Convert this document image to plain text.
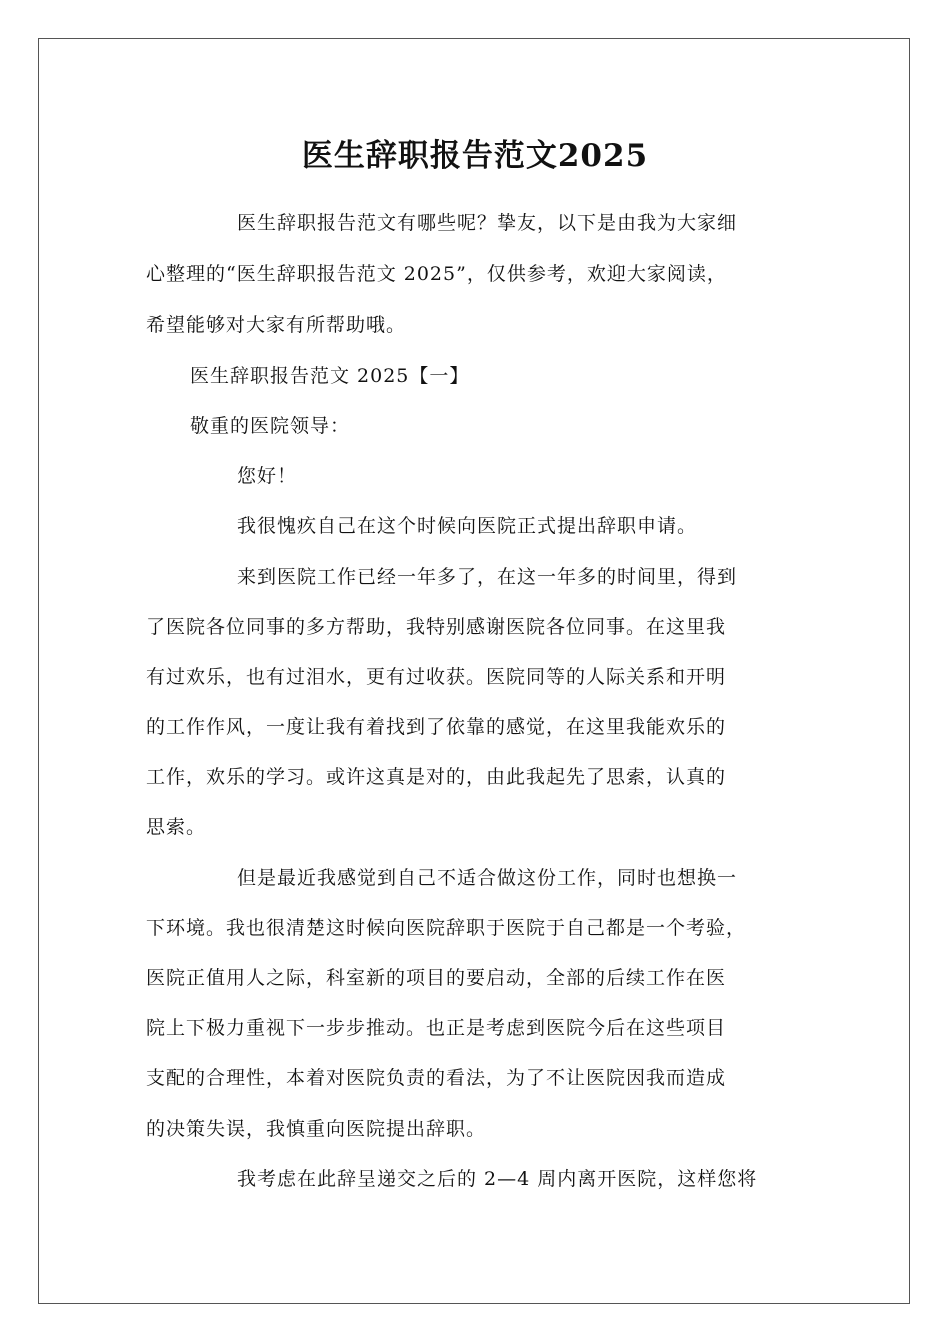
医生辞职报告范文2025
医生辞职报告范文有哪些呢？挚友，以下是由我为大家细
心整理的“医生辞职报告范文 2025”，仅供参考，欢迎大家阅读，
希望能够对大家有所帮助哦。
医生辞职报告范文 2025【一】
敬重的医院领导：
您好！
我很愧疚自己在这个时候向医院正式提出辞职申请。
来到医院工作已经一年多了，在这一年多的时间里，得到
了医院各位同事的多方帮助，我特别感谢医院各位同事。在这里我
有过欢乐，也有过泪水，更有过收获。医院同等的人际关系和开明
的工作作风，一度让我有着找到了依靠的感觉，在这里我能欢乐的
工作，欢乐的学习。或许这真是对的，由此我起先了思索，认真的
思索。
但是最近我感觉到自己不适合做这份工作，同时也想换一
下环境。我也很清楚这时候向医院辞职于医院于自己都是一个考验，
医院正值用人之际，科室新的项目的要启动，全部的后续工作在医
院上下极力重视下一步步推动。也正是考虑到医院今后在这些项目
支配的合理性，本着对医院负责的看法，为了不让医院因我而造成
的决策失误，我慎重向医院提出辞职。
我考虑在此辞呈递交之后的 2—4 周内离开医院，这样您将
